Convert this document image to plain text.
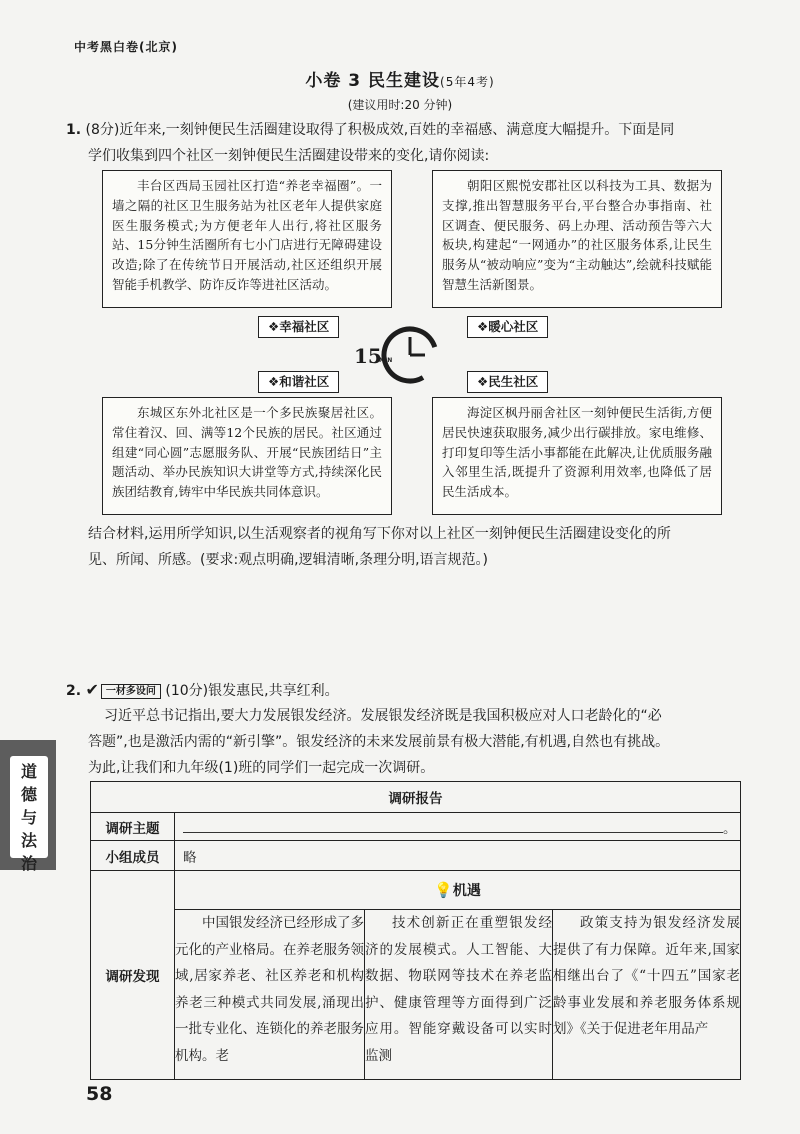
中考黑白卷(北京)
小卷 3 民生建设(5年4考)
(建议用时:20 分钟)
1. (8分)近年来,一刻钟便民生活圈建设取得了积极成效,百姓的幸福感、满意度大幅提升。下面是同
学们收集到四个社区一刻钟便民生活圈建设带来的变化,请你阅读:
丰台区西局玉园社区打造“养老幸福圈”。一墙之隔的社区卫生服务站为社区老年人提供家庭医生服务模式;为方便老年人出行,将社区服务站、15分钟生活圈所有七小门店进行无障碍建设改造;除了在传统节日开展活动,社区还组织开展智能手机教学、防诈反诈等进社区活动。
朝阳区熙悦安郡社区以科技为工具、数据为支撑,推出智慧服务平台,平台整合办事指南、社区调查、便民服务、码上办理、活动预告等六大板块,构建起“一网通办”的社区服务体系,让民生服务从“被动响应”变为“主动触达”,绘就科技赋能智慧生活新图景。
❖幸福社区	❖暖心社区
❖和谐社区	❖民生社区
15
MIN
东城区东外北社区是一个多民族聚居社区。常住着汉、回、满等12个民族的居民。社区通过组建“同心圆”志愿服务队、开展“民族团结日”主题活动、举办民族知识大讲堂等方式,持续深化民族团结教育,铸牢中华民族共同体意识。
海淀区枫丹丽舍社区一刻钟便民生活街,方便居民快速获取服务,减少出行碳排放。家电维修、打印复印等生活小事都能在此解决,让优质服务融入邻里生活,既提升了资源利用效率,也降低了居民生活成本。
结合材料,运用所学知识,以生活观察者的视角写下你对以上社区一刻钟便民生活圈建设变化的所
见、所闻、所感。(要求:观点明确,逻辑清晰,条理分明,语言规范。)
2. ✔ 一材多设问 (10分)银发惠民,共享红利。
习近平总书记指出,要大力发展银发经济。发展银发经济既是我国积极应对人口老龄化的“必
答题”,也是激活内需的“新引擎”。银发经济的未来发展前景有极大潜能,有机遇,自然也有挑战。
为此,让我们和九年级(1)班的同学们一起完成一次调研。
道德与法治
调研报告			
调研主题	。		
小组成员	略		
调研发现	💡机遇		
	中国银发经济已经形成了多元化的产业格局。在养老服务领域,居家养老、社区养老和机构养老三种模式共同发展,涌现出一批专业化、连锁化的养老服务机构。老	技术创新正在重塑银发经济的发展模式。人工智能、大数据、物联网等技术在养老监护、健康管理等方面得到广泛应用。智能穿戴设备可以实时监测	政策支持为银发经济发展提供了有力保障。近年来,国家相继出台了《“十四五”国家老龄事业发展和养老服务体系规划》《关于促进老年用品产
58
